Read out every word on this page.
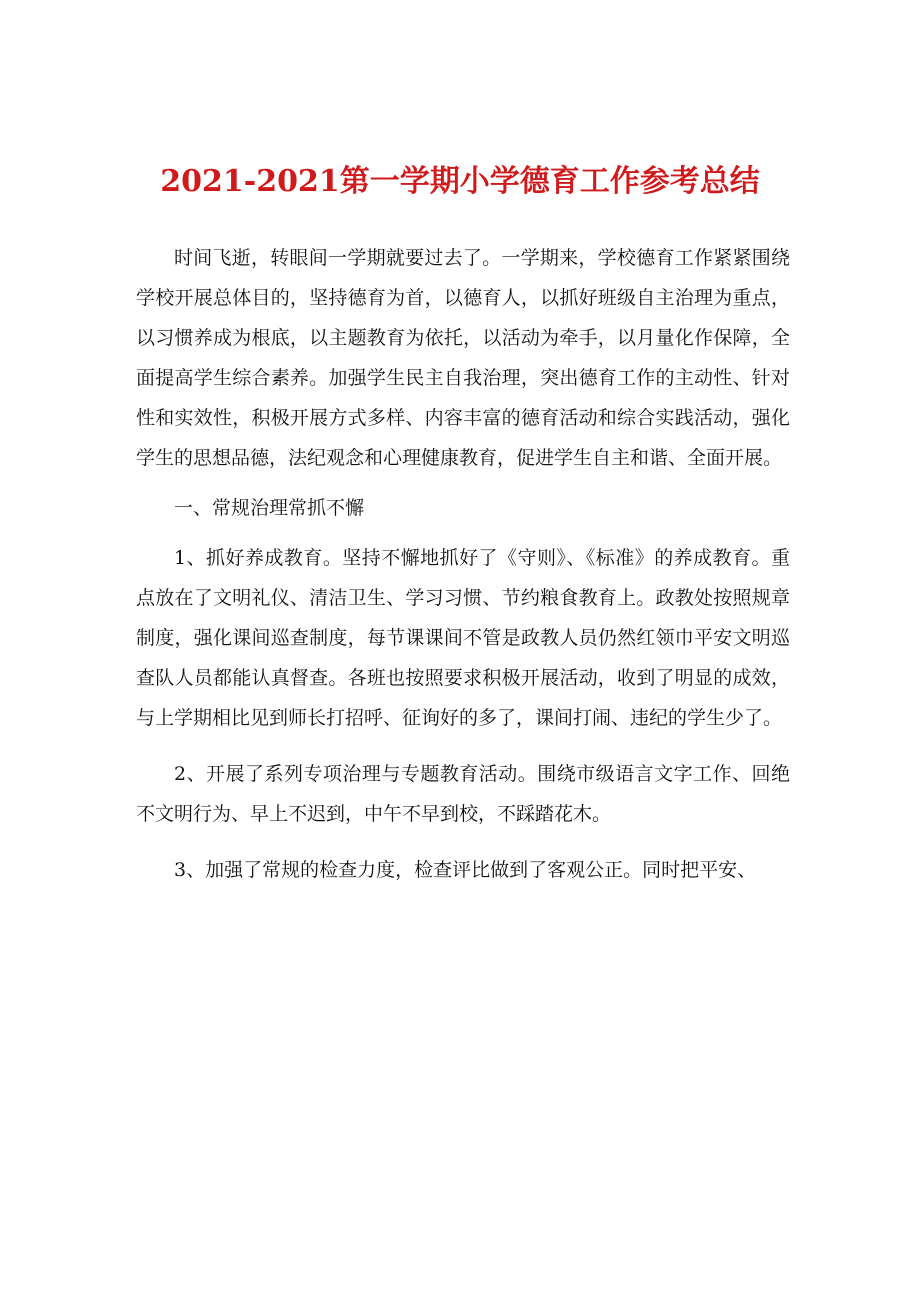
2021-2021第一学期小学德育工作参考总结

时间飞逝，转眼间一学期就要过去了。一学期来，学校德育工作紧紧围绕学校开展总体目的，坚持德育为首，以德育人，以抓好班级自主治理为重点，以习惯养成为根底，以主题教育为依托，以活动为牵手，以月量化作保障，全面提高学生综合素养。加强学生民主自我治理，突出德育工作的主动性、针对性和实效性，积极开展方式多样、内容丰富的德育活动和综合实践活动，强化学生的思想品德，法纪观念和心理健康教育，促进学生自主和谐、全面开展。

一、常规治理常抓不懈

1、抓好养成教育。坚持不懈地抓好了《守则》、《标准》的养成教育。重点放在了文明礼仪、清洁卫生、学习习惯、节约粮食教育上。政教处按照规章制度，强化课间巡查制度，每节课课间不管是政教人员仍然红领巾平安文明巡查队人员都能认真督查。各班也按照要求积极开展活动，收到了明显的成效，与上学期相比见到师长打招呼、征询好的多了，课间打闹、违纪的学生少了。

2、开展了系列专项治理与专题教育活动。围绕市级语言文字工作、回绝不文明行为、早上不迟到，中午不早到校，不踩踏花木。

3、加强了常规的检查力度，检查评比做到了客观公正。同时把平安、
